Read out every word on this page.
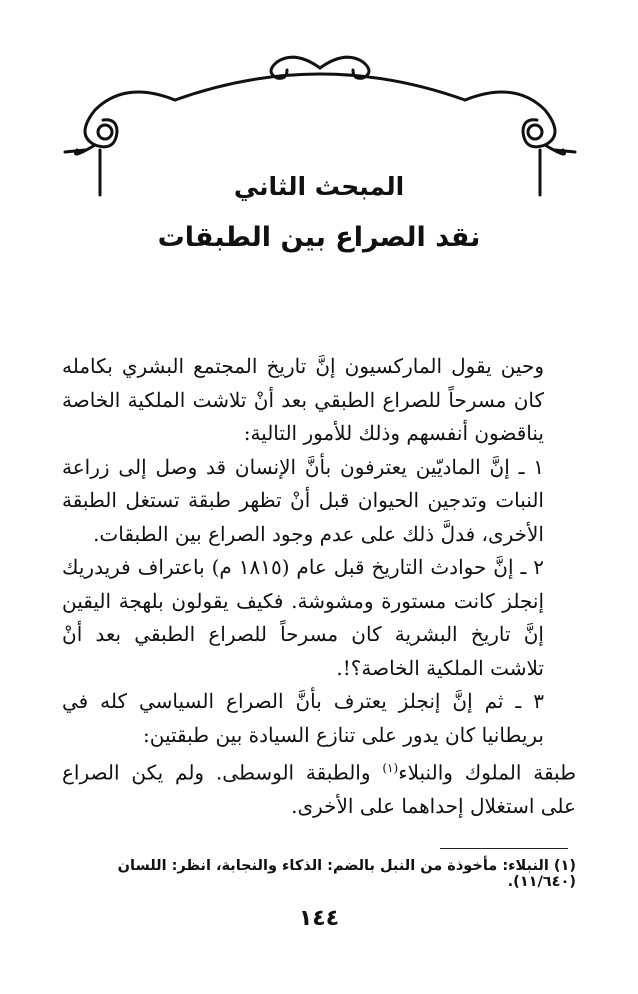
المبحث الثاني
نقد الصراع بين الطبقات

وحين يقول الماركسيون إنَّ تاريخ المجتمع البشري بكامله كان مسرحاً للصراع الطبقي بعد أنْ تلاشت الملكية الخاصة يناقضون أنفسهم وذلك للأمور التالية:

١ ـ إنَّ الماديّين يعترفون بأنَّ الإنسان قد وصل إلى زراعة النبات وتدجين الحيوان قبل أنْ تظهر طبقة تستغل الطبقة الأخرى، فدلَّ ذلك على عدم وجود الصراع بين الطبقات.

٢ ـ إنَّ حوادث التاريخ قبل عام (١٨١٥ م) باعتراف فريدريك إنجلز كانت مستورة ومشوشة. فكيف يقولون بلهجة اليقين إنَّ تاريخ البشرية كان مسرحاً للصراع الطبقي بعد أنْ تلاشت الملكية الخاصة؟!.

٣ ـ ثم إنَّ إنجلز يعترف بأنَّ الصراع السياسي كله في بريطانيا كان يدور على تنازع السيادة بين طبقتين:

طبقة الملوك والنبلاء$^{(١)}$ والطبقة الوسطى. ولم يكن الصراع على استغلال إحداهما على الأخرى.

(١) النبلاء: مأخوذة من النبل بالضم: الذكاء والنجابة، انظر: اللسان (١١/٦٤٠).
١٤٤
